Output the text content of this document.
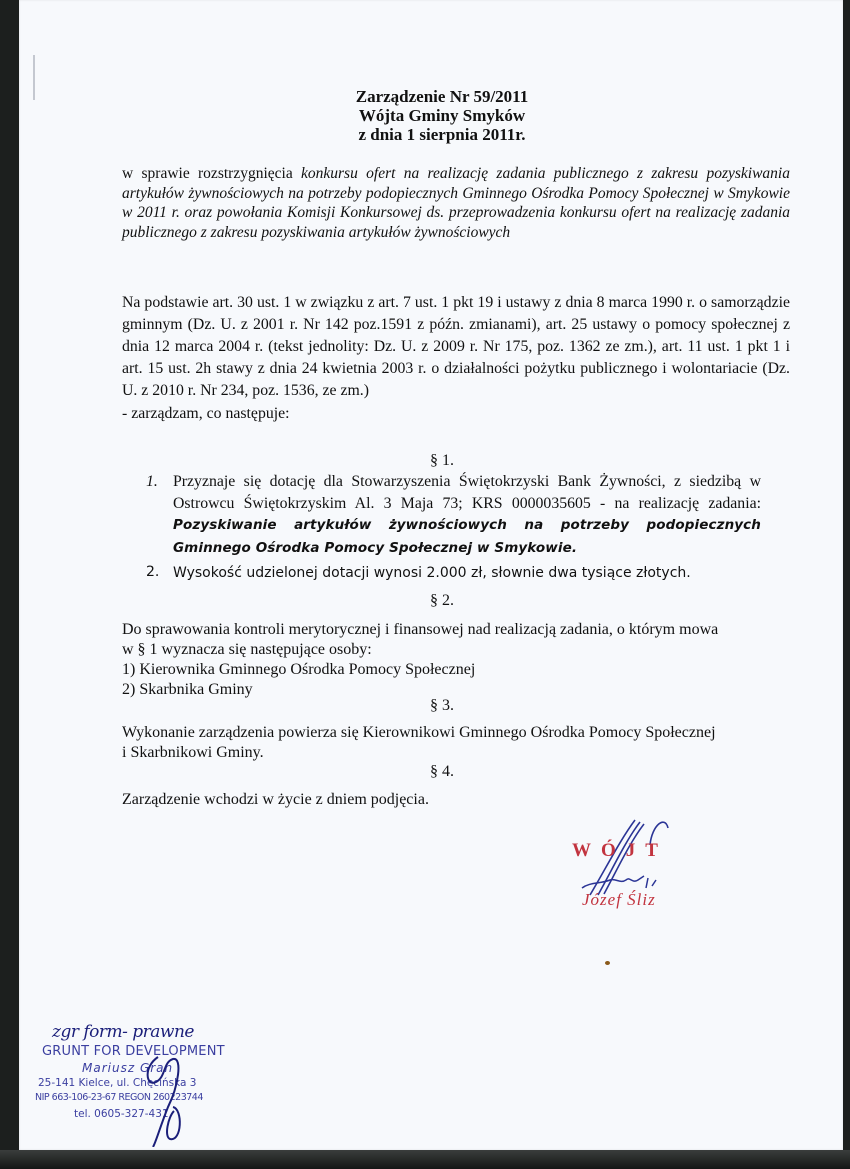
Zarządzenie Nr 59/2011
Wójta Gminy Smyków
z dnia 1 sierpnia 2011r.
w sprawie rozstrzygnięcia konkursu ofert na realizację zadania publicznego z zakresu pozyskiwania artykułów żywnościowych na potrzeby podopiecznych Gminnego Ośrodka Pomocy Społecznej w Smykowie w 2011 r. oraz powołania Komisji Konkursowej ds. przeprowadzenia konkursu ofert na realizację zadania publicznego z zakresu pozyskiwania artykułów żywnościowych
Na podstawie art. 30 ust. 1 w związku z art. 7 ust. 1 pkt 19 i ustawy z dnia 8 marca 1990 r. o samorządzie gminnym (Dz. U. z 2001 r. Nr 142 poz.1591 z późn. zmianami), art. 25 ustawy o pomocy społecznej z dnia 12 marca 2004 r. (tekst jednolity: Dz. U. z 2009 r. Nr 175, poz. 1362 ze zm.), art. 11 ust. 1 pkt 1 i art. 15 ust. 2h stawy z dnia 24 kwietnia 2003 r. o działalności pożytku publicznego i wolontariacie (Dz. U. z 2010 r. Nr 234, poz. 1536, ze zm.)
- zarządzam, co następuje:
§ 1.
1. Przyznaje się dotację dla Stowarzyszenia Świętokrzyski Bank Żywności, z siedzibą w Ostrowcu Świętokrzyskim Al. 3 Maja 73; KRS 0000035605 - na realizację zadania: Pozyskiwanie artykułów żywnościowych na potrzeby podopiecznych Gminnego Ośrodka Pomocy Społecznej w Smykowie.
2. Wysokość udzielonej dotacji wynosi 2.000 zł, słownie dwa tysiące złotych.
§ 2.
Do sprawowania kontroli merytorycznej i finansowej nad realizacją zadania, o którym mowa
w § 1 wyznacza się następujące osoby:
1) Kierownika Gminnego Ośrodka Pomocy Społecznej
2) Skarbnika Gminy
§ 3.
Wykonanie zarządzenia powierza się Kierownikowi Gminnego Ośrodka Pomocy Społecznej
i Skarbnikowi Gminy.
§ 4.
Zarządzenie wchodzi w życie z dniem podjęcia.
WÓJT
Józef Śliz
zgr form- prawne
GRUNT FOR DEVELOPMENT
Mariusz Gran
25-141 Kielce, ul. Chęcińska 3
NIP 663-106-23-67 REGON 260223744
tel. 0605-327-431
